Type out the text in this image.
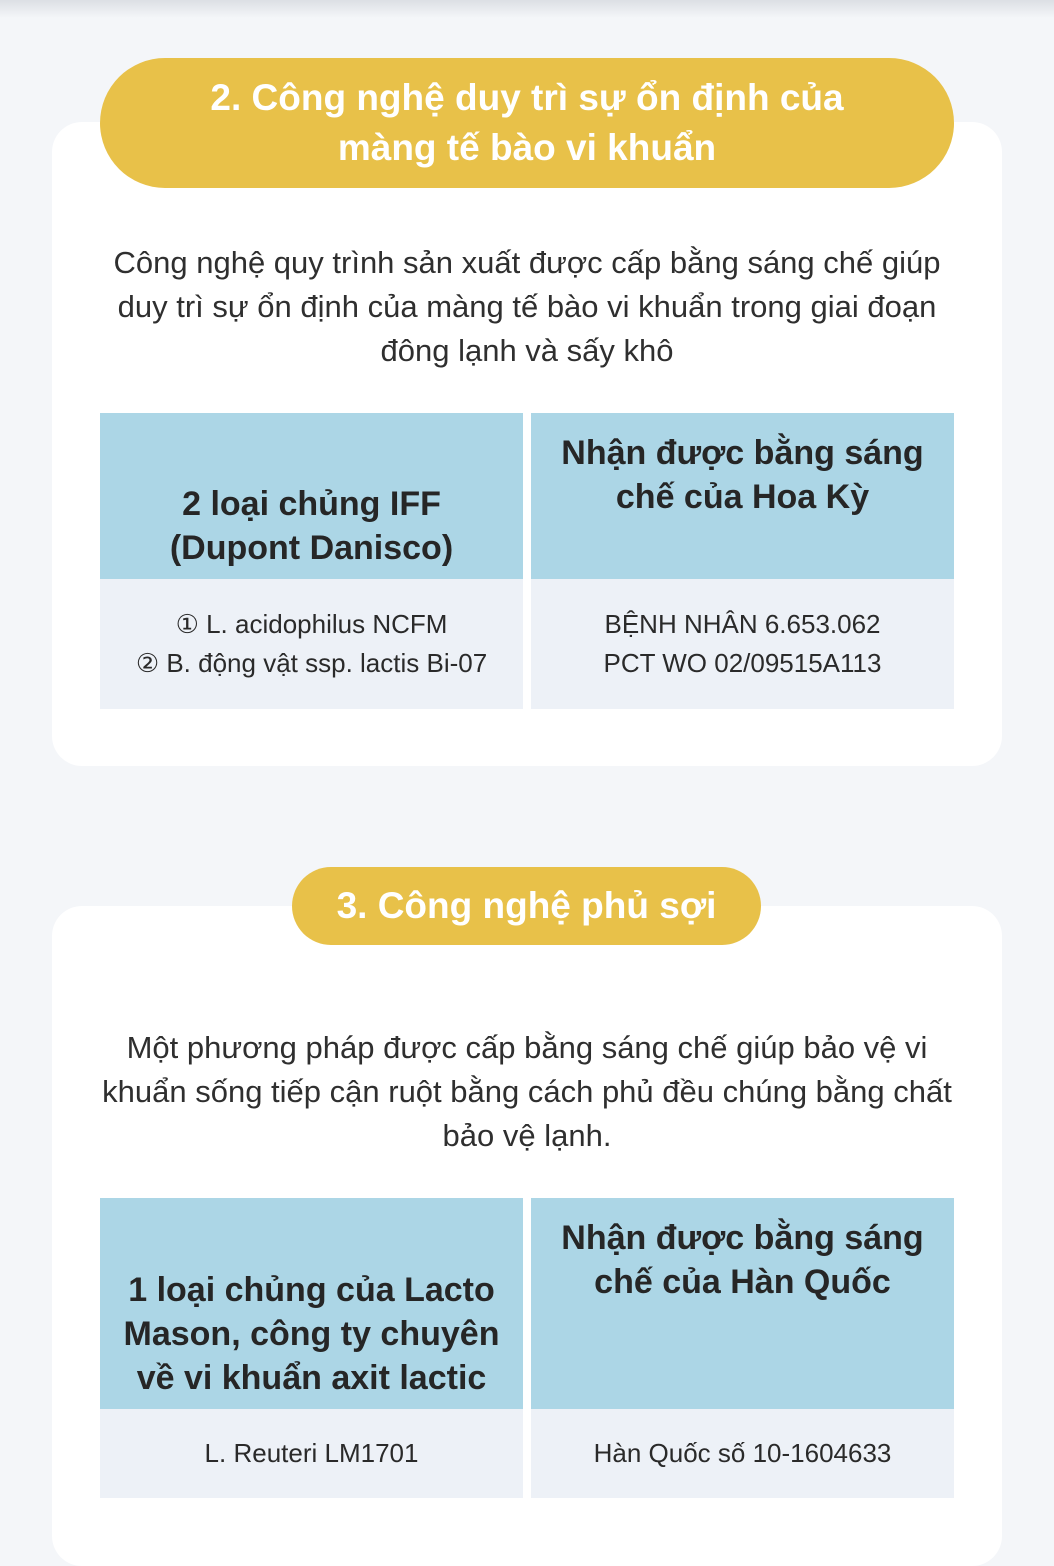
2. Công nghệ duy trì sự ổn định của màng tế bào vi khuẩn
Công nghệ quy trình sản xuất được cấp bằng sáng chế giúp duy trì sự ổn định của màng tế bào vi khuẩn trong giai đoạn đông lạnh và sấy khô
2 loại chủng IFF (Dupont Danisco)
Nhận được bằng sáng chế của Hoa Kỳ
① L. acidophilus NCFM
② B. động vật ssp. lactis Bi-07
BỆNH NHÂN 6.653.062
PCT WO 02/09515A113
3. Công nghệ phủ sợi
Một phương pháp được cấp bằng sáng chế giúp bảo vệ vi khuẩn sống tiếp cận ruột bằng cách phủ đều chúng bằng chất bảo vệ lạnh.
1 loại chủng của Lacto Mason, công ty chuyên về vi khuẩn axit lactic
Nhận được bằng sáng chế của Hàn Quốc
L. Reuteri LM1701	Hàn Quốc số 10-1604633
